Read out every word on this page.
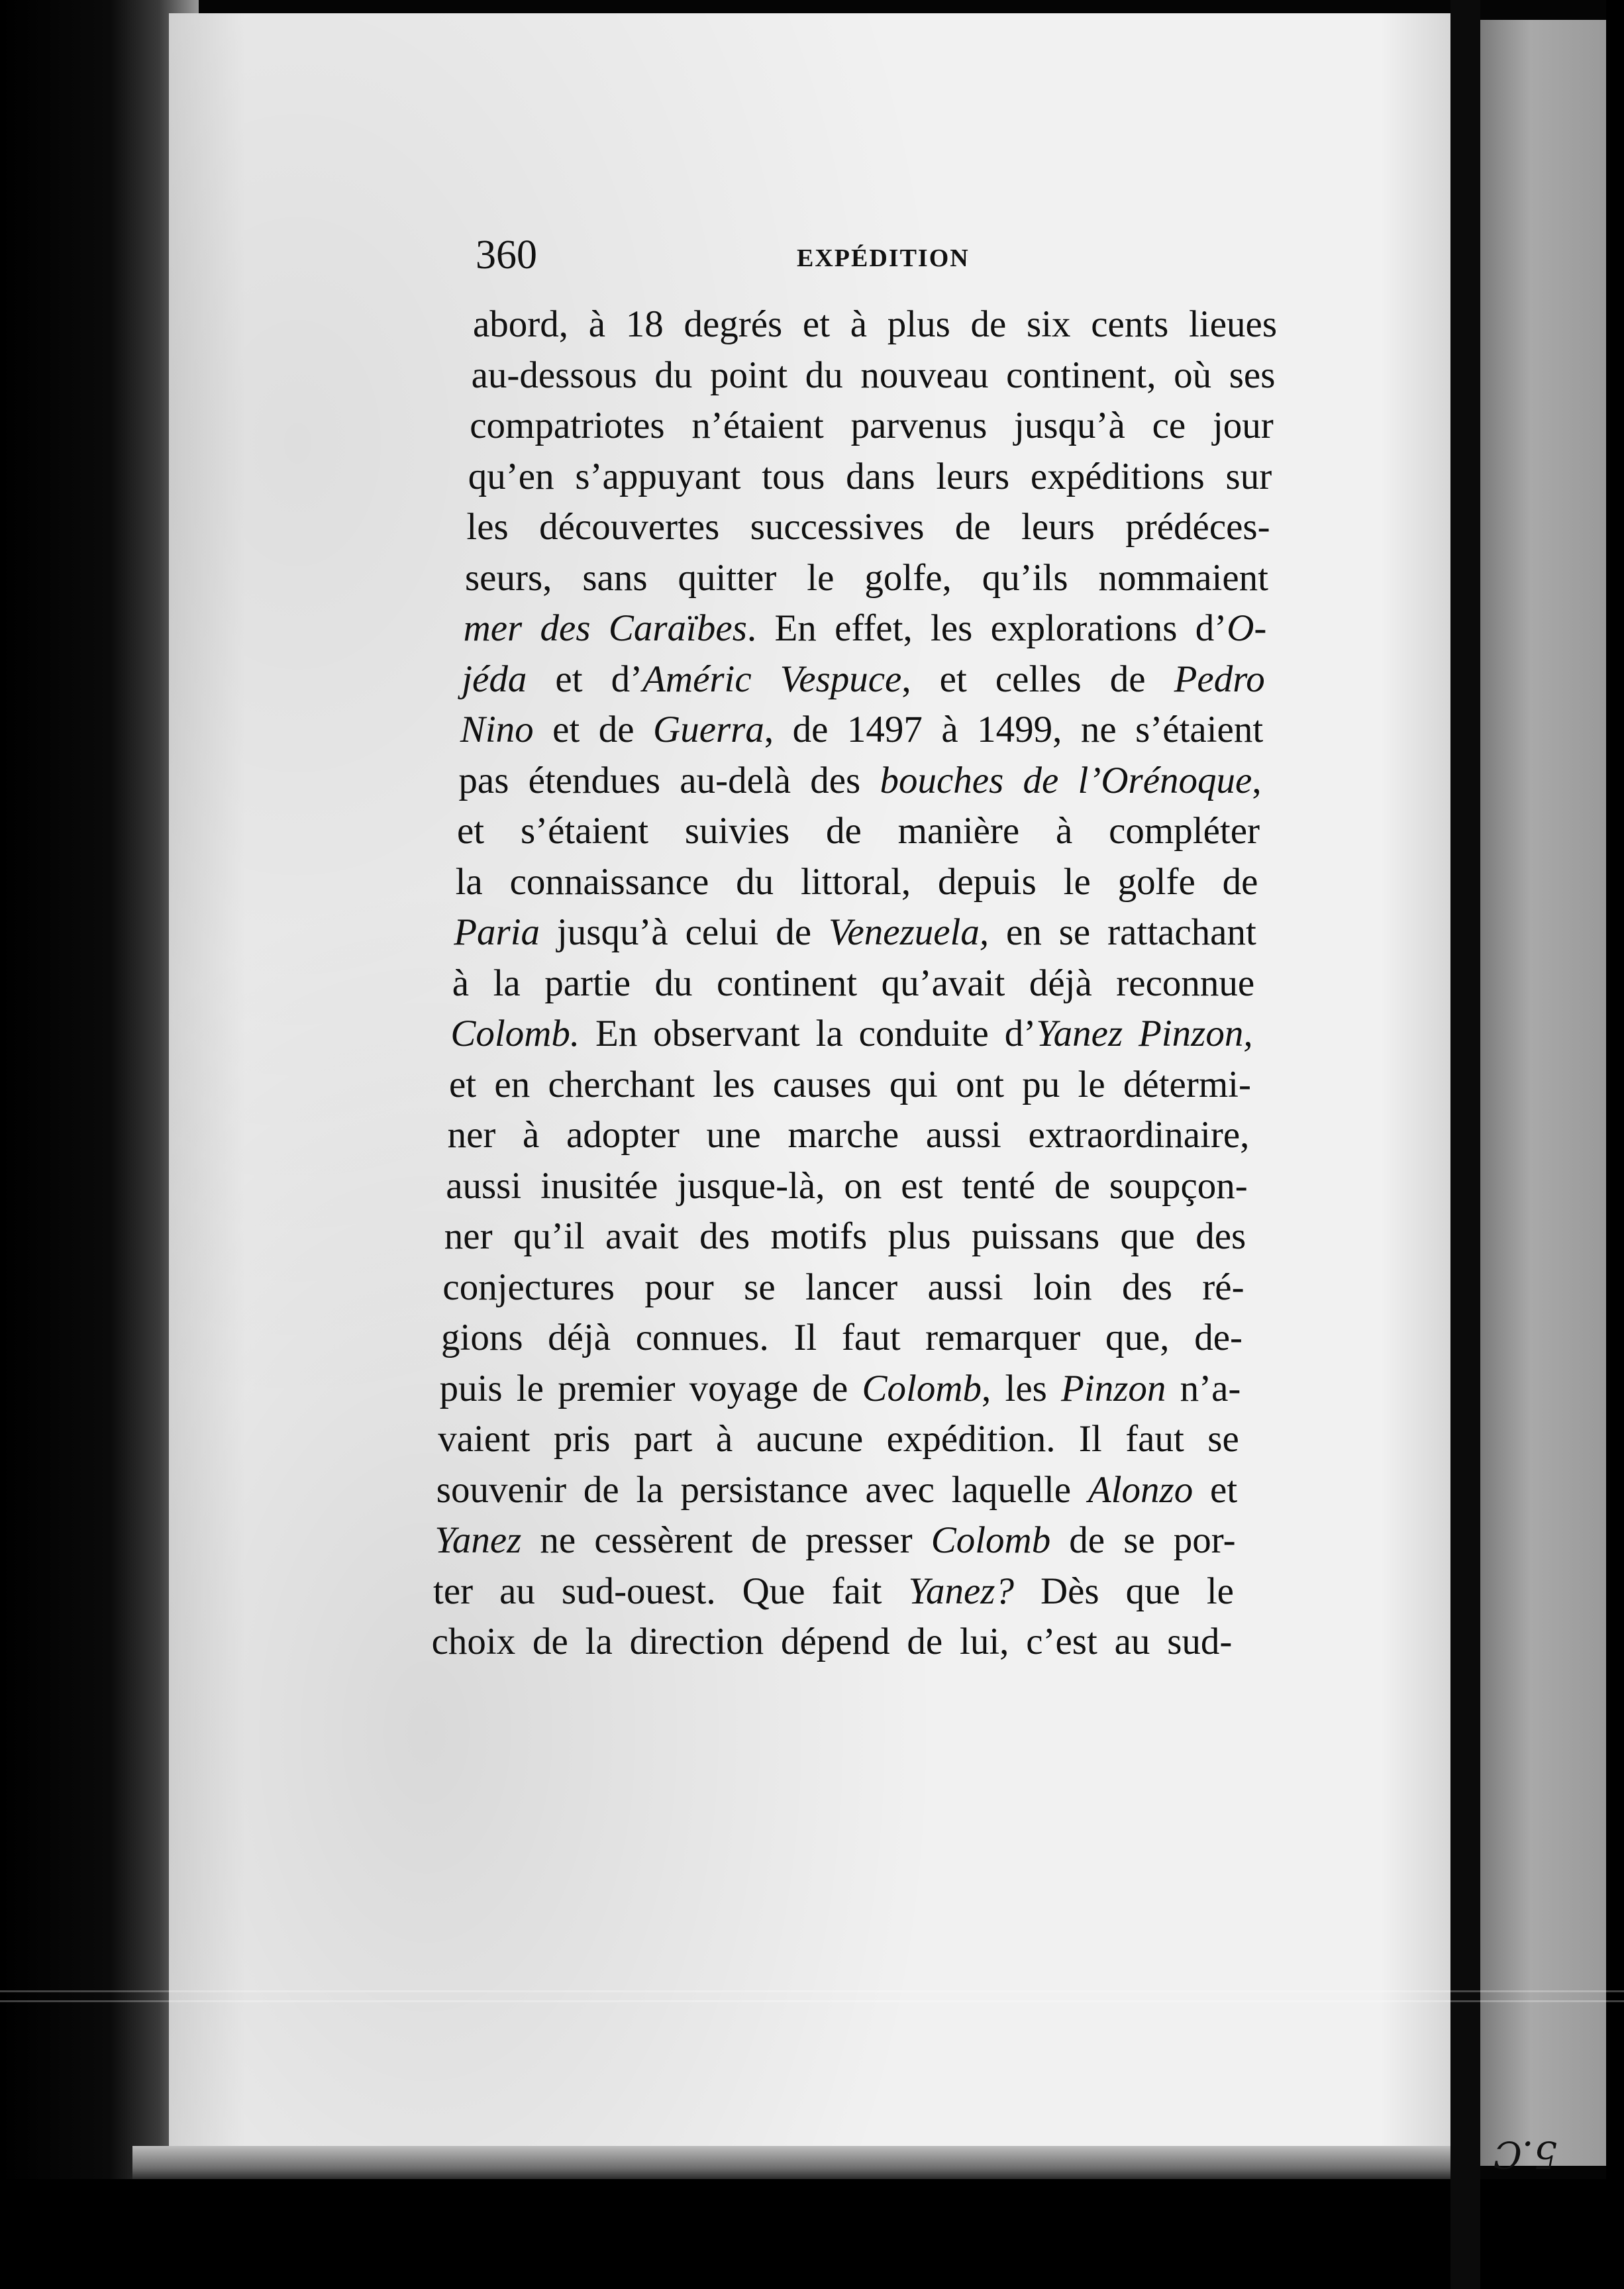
5.C
360	EXPÉDITION
abord, à 18 degrés et à plus de six cents lieues
au-dessous du point du nouveau continent, où ses
compatriotes n’étaient parvenus jusqu’à ce jour
qu’en s’appuyant tous dans leurs expéditions sur
les découvertes successives de leurs prédéces-
seurs, sans quitter le golfe, qu’ils nommaient
mer des Caraïbes. En effet, les explorations d’O-
jéda et d’Améric Vespuce, et celles de Pedro
Nino et de Guerra, de 1497 à 1499, ne s’étaient
pas étendues au-delà des bouches de l’Orénoque,
et s’étaient suivies de manière à compléter
la connaissance du littoral, depuis le golfe de
Paria jusqu’à celui de Venezuela, en se rattachant
à la partie du continent qu’avait déjà reconnue
Colomb. En observant la conduite d’Yanez Pinzon,
et en cherchant les causes qui ont pu le détermi-
ner à adopter une marche aussi extraordinaire,
aussi inusitée jusque-là, on est tenté de soupçon-
ner qu’il avait des motifs plus puissans que des
conjectures pour se lancer aussi loin des ré-
gions déjà connues. Il faut remarquer que, de-
puis le premier voyage de Colomb, les Pinzon n’a-
vaient pris part à aucune expédition. Il faut se
souvenir de la persistance avec laquelle Alonzo et
Yanez ne cessèrent de presser Colomb de se por-
ter au sud-ouest. Que fait Yanez? Dès que le
choix de la direction dépend de lui, c’est au sud-
